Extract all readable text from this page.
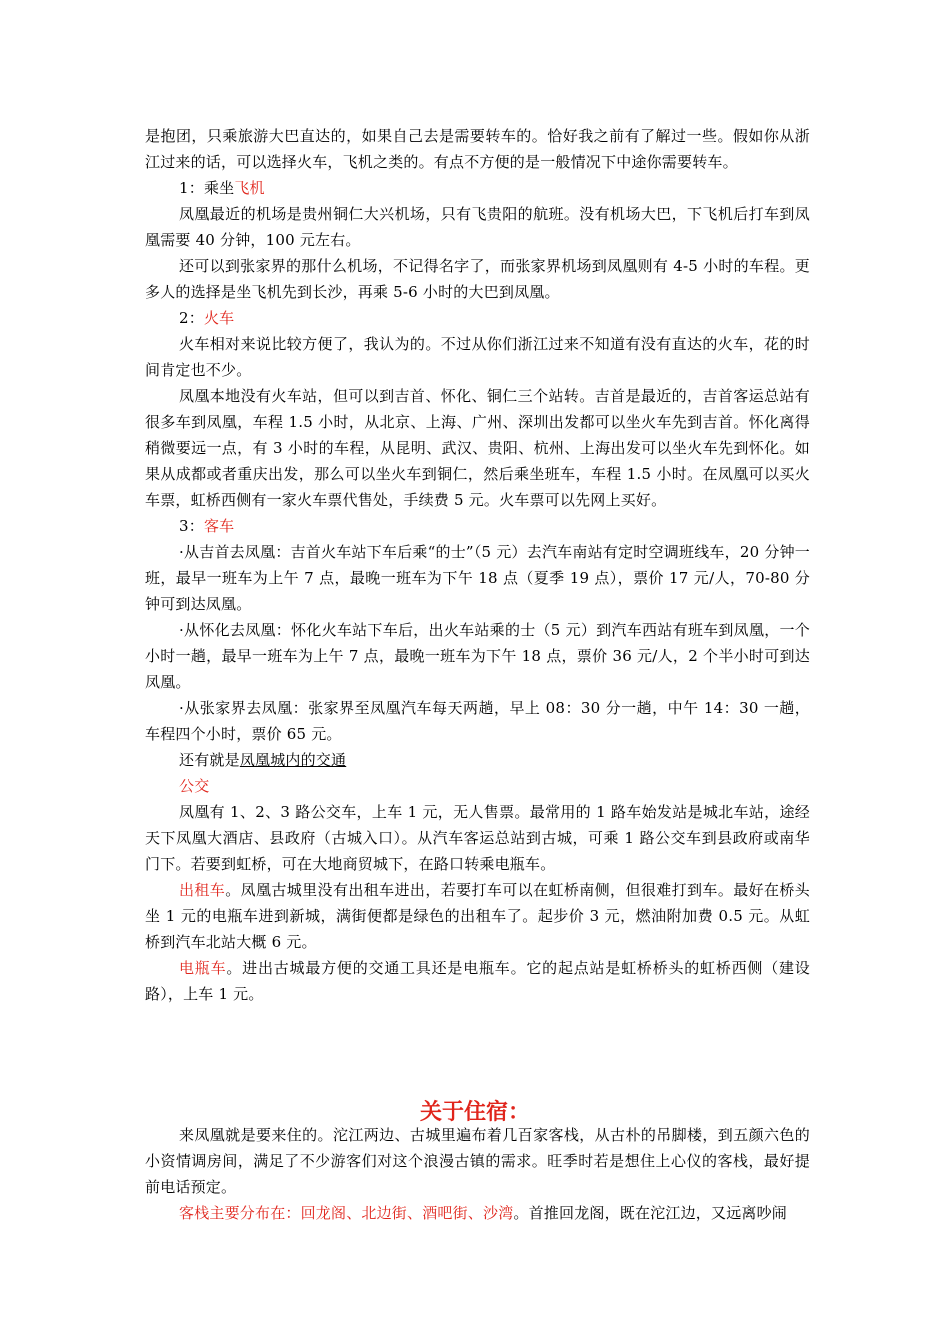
是抱团，只乘旅游大巴直达的，如果自己去是需要转车的。恰好我之前有了解过一些。假如你从浙江过来的话，可以选择火车，飞机之类的。有点不方便的是一般情况下中途你需要转车。

1：乘坐飞机

凤凰最近的机场是贵州铜仁大兴机场，只有飞贵阳的航班。没有机场大巴，下飞机后打车到凤凰需要 40 分钟，100 元左右。

还可以到张家界的那什么机场，不记得名字了，而张家界机场到凤凰则有 4-5 小时的车程。更多人的选择是坐飞机先到长沙，再乘 5-6 小时的大巴到凤凰。

2：火车

火车相对来说比较方便了，我认为的。不过从你们浙江过来不知道有没有直达的火车，花的时间肯定也不少。

凤凰本地没有火车站，但可以到吉首、怀化、铜仁三个站转。吉首是最近的，吉首客运总站有很多车到凤凰，车程 1.5 小时，从北京、上海、广州、深圳出发都可以坐火车先到吉首。怀化离得稍微要远一点，有 3 小时的车程，从昆明、武汉、贵阳、杭州、上海出发可以坐火车先到怀化。如果从成都或者重庆出发，那么可以坐火车到铜仁，然后乘坐班车，车程 1.5 小时。在凤凰可以买火车票，虹桥西侧有一家火车票代售处，手续费 5 元。火车票可以先网上买好。

3：客车

·从吉首去凤凰：吉首火车站下车后乘“的士”（5 元）去汽车南站有定时空调班线车，20 分钟一班，最早一班车为上午 7 点，最晚一班车为下午 18 点（夏季 19 点），票价 17 元/人，70-80 分钟可到达凤凰。

·从怀化去凤凰：怀化火车站下车后，出火车站乘的士（5 元）到汽车西站有班车到凤凰，一个小时一趟，最早一班车为上午 7 点，最晚一班车为下午 18 点，票价 36 元/人，2 个半小时可到达凤凰。

·从张家界去凤凰：张家界至凤凰汽车每天两趟，早上 08：30 分一趟，中午 14：30 一趟，车程四个小时，票价 65 元。

还有就是凤凰城内的交通

公交

凤凰有 1、2、3 路公交车，上车 1 元，无人售票。最常用的 1 路车始发站是城北车站，途经天下凤凰大酒店、县政府（古城入口）。从汽车客运总站到古城，可乘 1 路公交车到县政府或南华门下。若要到虹桥，可在大地商贸城下，在路口转乘电瓶车。

出租车。凤凰古城里没有出租车进出，若要打车可以在虹桥南侧，但很难打到车。最好在桥头坐 1 元的电瓶车进到新城，满街便都是绿色的出租车了。起步价 3 元，燃油附加费 0.5 元。从虹桥到汽车北站大概 6 元。

电瓶车。进出古城最方便的交通工具还是电瓶车。它的起点站是虹桥桥头的虹桥西侧（建设路），上车 1 元。

关于住宿：

来凤凰就是要来住的。沱江两边、古城里遍布着几百家客栈，从古朴的吊脚楼，到五颜六色的小资情调房间，满足了不少游客们对这个浪漫古镇的需求。旺季时若是想住上心仪的客栈，最好提前电话预定。

客栈主要分布在：回龙阁、北边街、酒吧街、沙湾。首推回龙阁，既在沱江边，又远离吵闹
